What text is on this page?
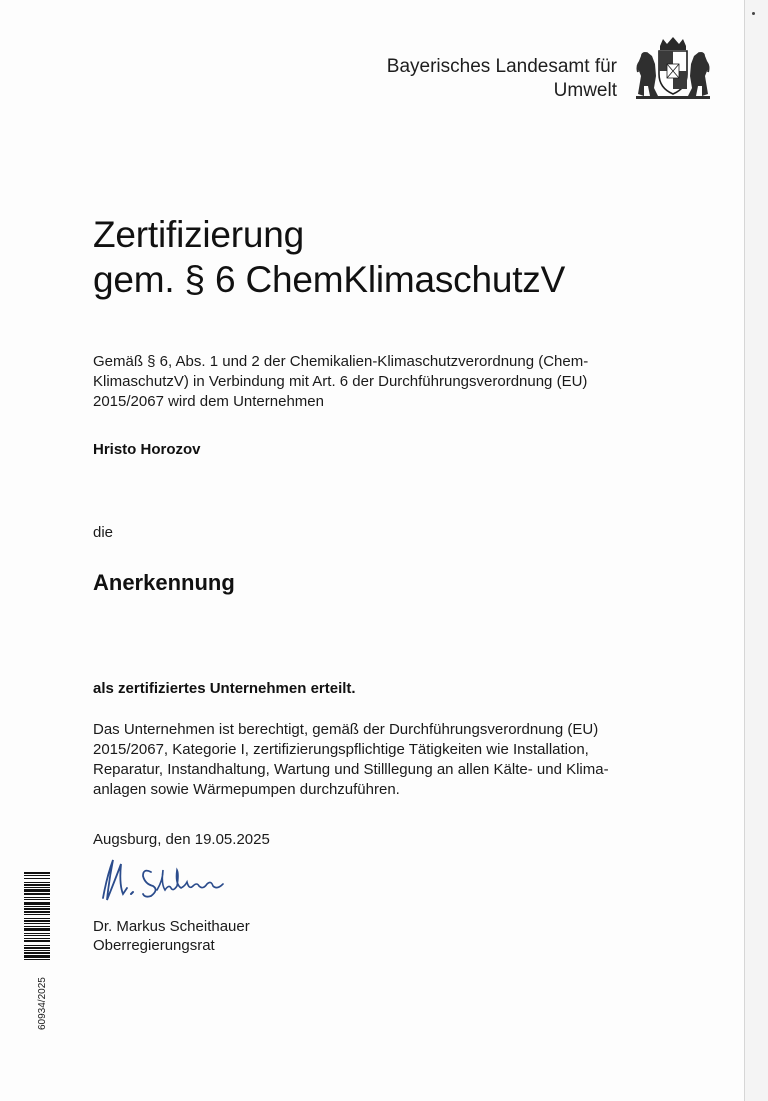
Bayerisches Landesamt für
Umwelt
Zertifizierung
gem. § 6 ChemKlimaschutzV
Gemäß § 6, Abs. 1 und 2 der Chemikalien-Klimaschutzverordnung (Chem-KlimaschutzV) in Verbindung mit Art. 6 der Durchführungsverordnung (EU) 2015/2067 wird dem Unternehmen
Hristo Horozov
die
Anerkennung
als zertifiziertes Unternehmen erteilt.
Das Unternehmen ist berechtigt, gemäß der Durchführungsverordnung (EU) 2015/2067, Kategorie I, zertifizierungspflichtige Tätigkeiten wie Installation, Reparatur, Instandhaltung, Wartung und Stilllegung an allen Kälte- und Klima-anlagen sowie Wärmepumpen durchzuführen.
Augsburg, den 19.05.2025
Dr. Markus Scheithauer
Oberregierungsrat
60934/2025
